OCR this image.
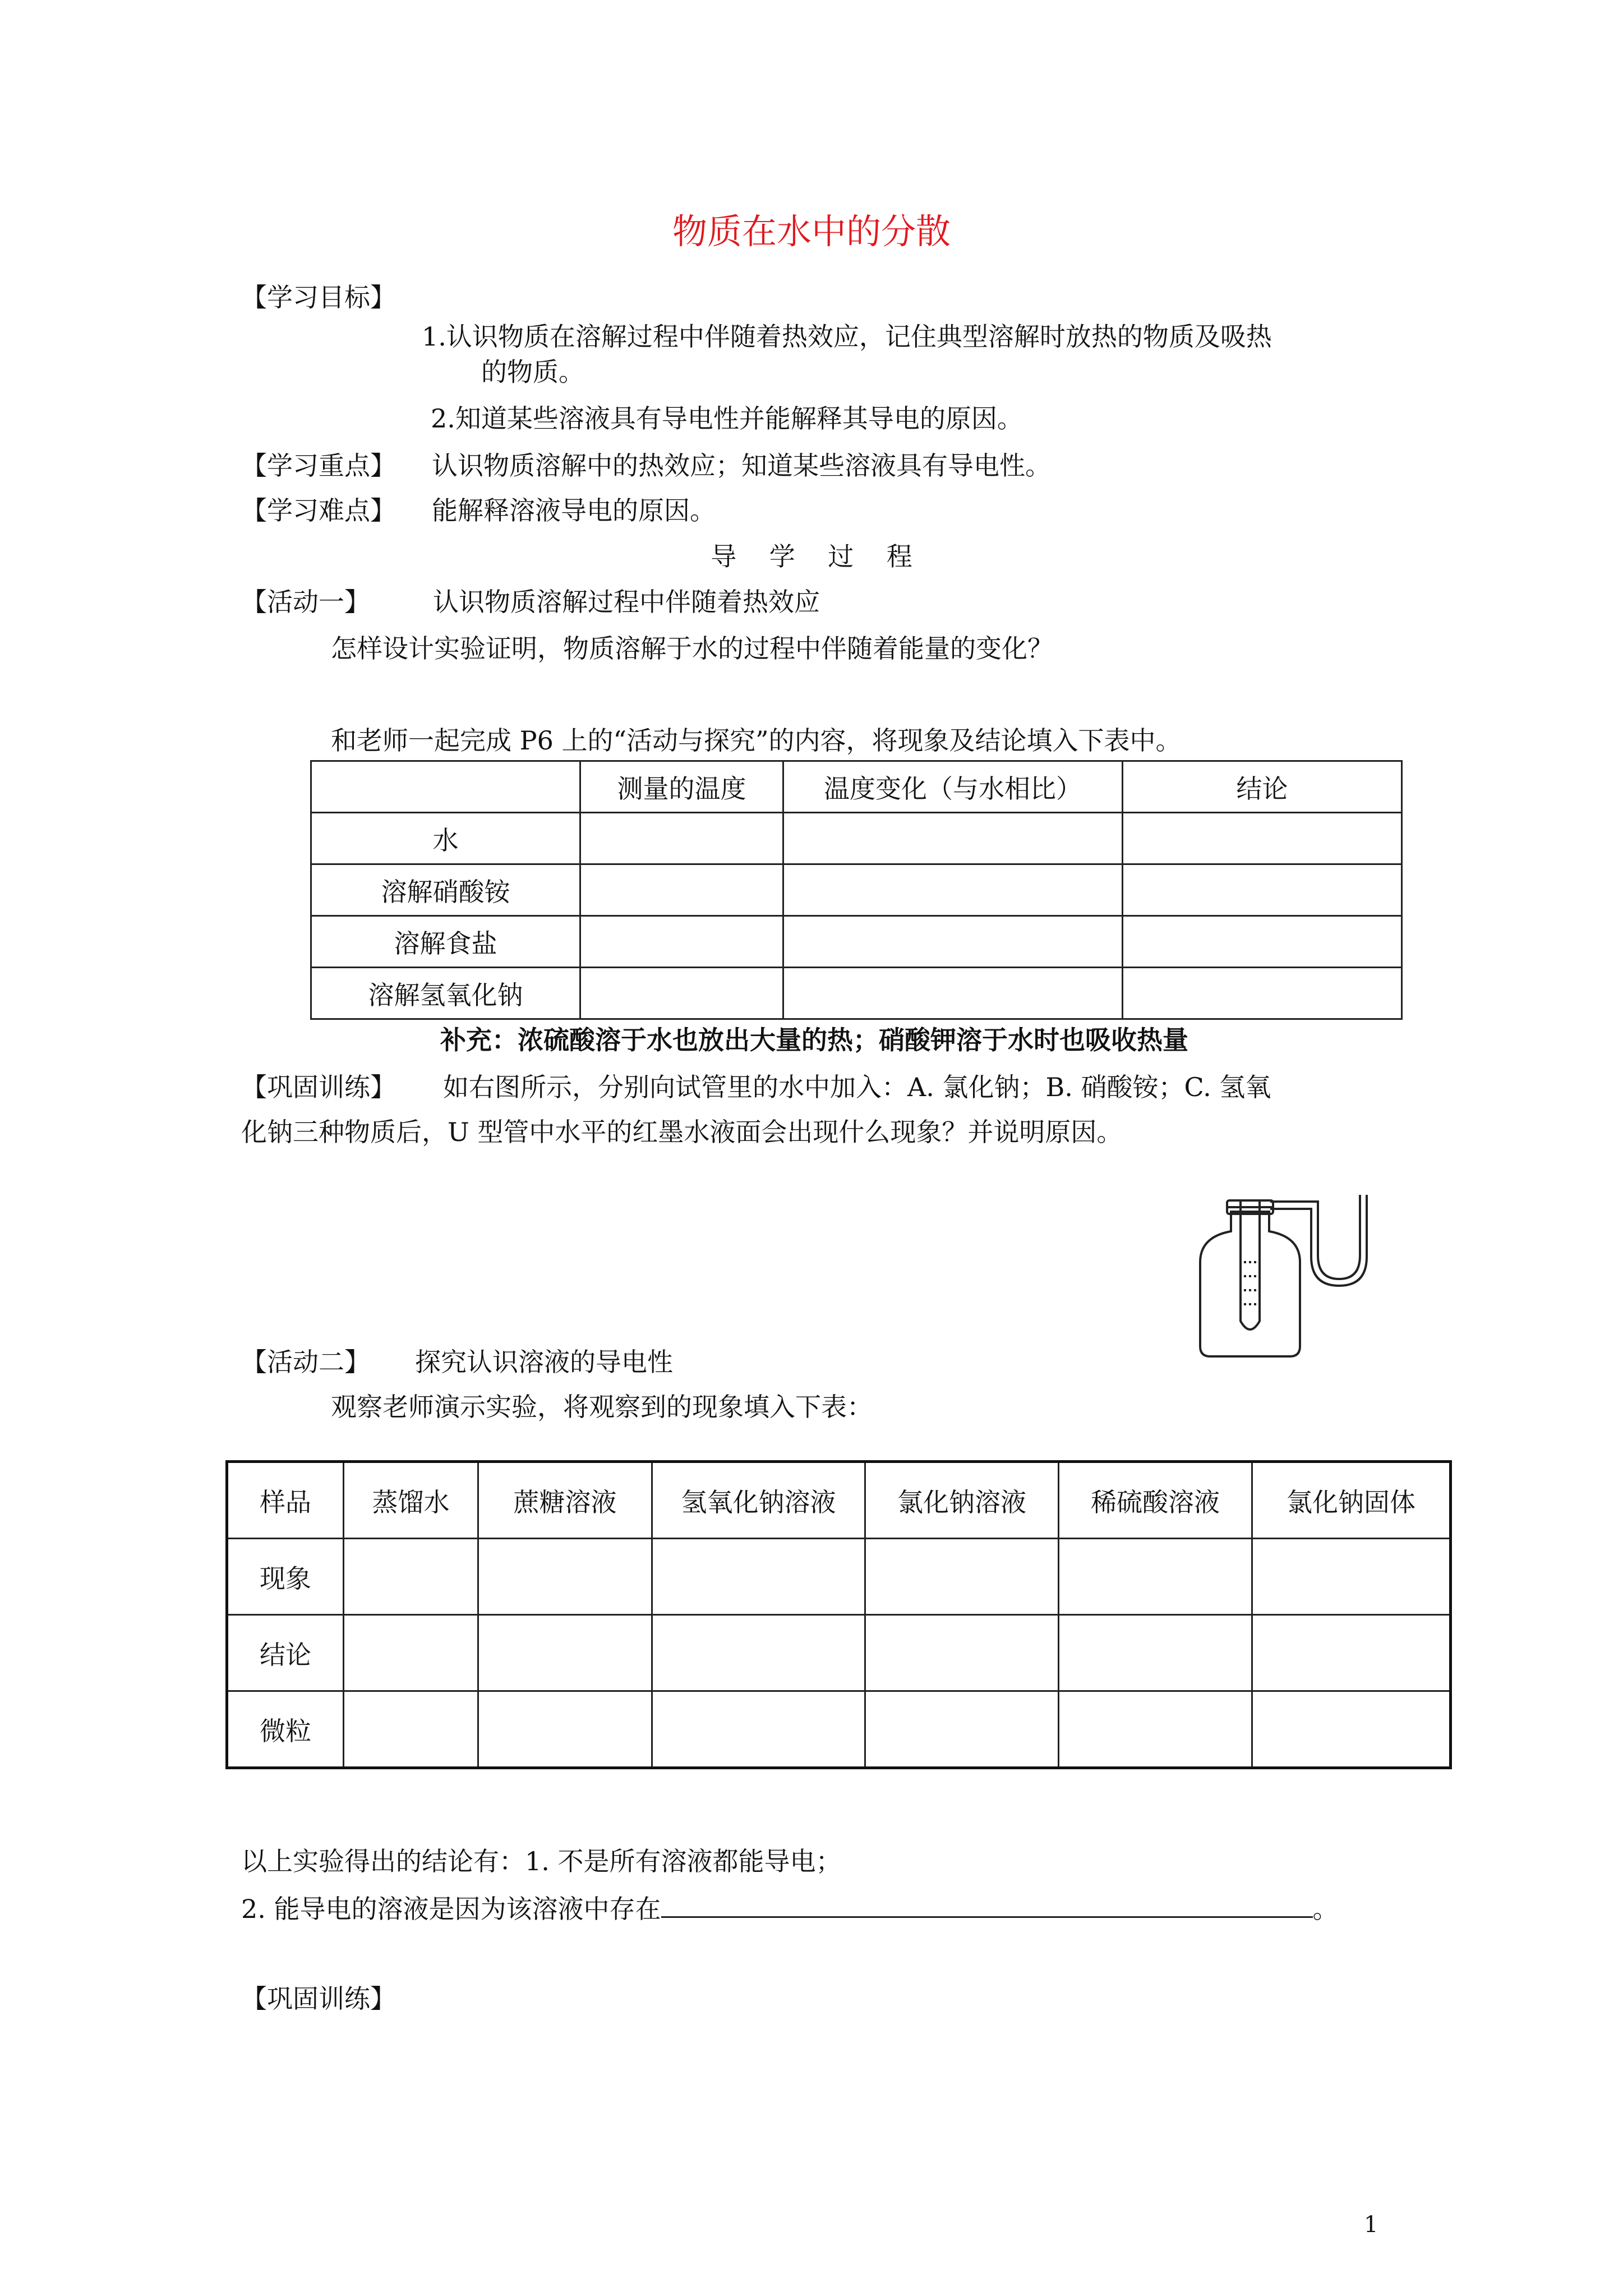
物质在水中的分散
【学习目标】
1.认识物质在溶解过程中伴随着热效应，记住典型溶解时放热的物质及吸热
的物质。
2.知道某些溶液具有导电性并能解释其导电的原因。
【学习重点】 认识物质溶解中的热效应；知道某些溶液具有导电性。
【学习难点】 能解释溶液导电的原因。
导    学    过    程
【活动一】 认识物质溶解过程中伴随着热效应
怎样设计实验证明，物质溶解于水的过程中伴随着能量的变化？
和老师一起完成 P6 上的“活动与探究”的内容，将现象及结论填入下表中。
	测量的温度	温度变化（与水相比）	结论
水			
溶解硝酸铵			
溶解食盐			
溶解氢氧化钠			
补充：浓硫酸溶于水也放出大量的热；硝酸钾溶于水时也吸收热量
【巩固训练】 如右图所示，分别向试管里的水中加入：A. 氯化钠；B. 硝酸铵；C. 氢氧
化钠三种物质后，U 型管中水平的红墨水液面会出现什么现象？并说明原因。
【活动二】 探究认识溶液的导电性
观察老师演示实验，将观察到的现象填入下表：
样品	蒸馏水	蔗糖溶液	氢氧化钠溶液	氯化钠溶液	稀硫酸溶液	氯化钠固体
现象						
结论						
微粒						
以上实验得出的结论有：1. 不是所有溶液都能导电；
2. 能导电的溶液是因为该溶液中存在	。
【巩固训练】
1
